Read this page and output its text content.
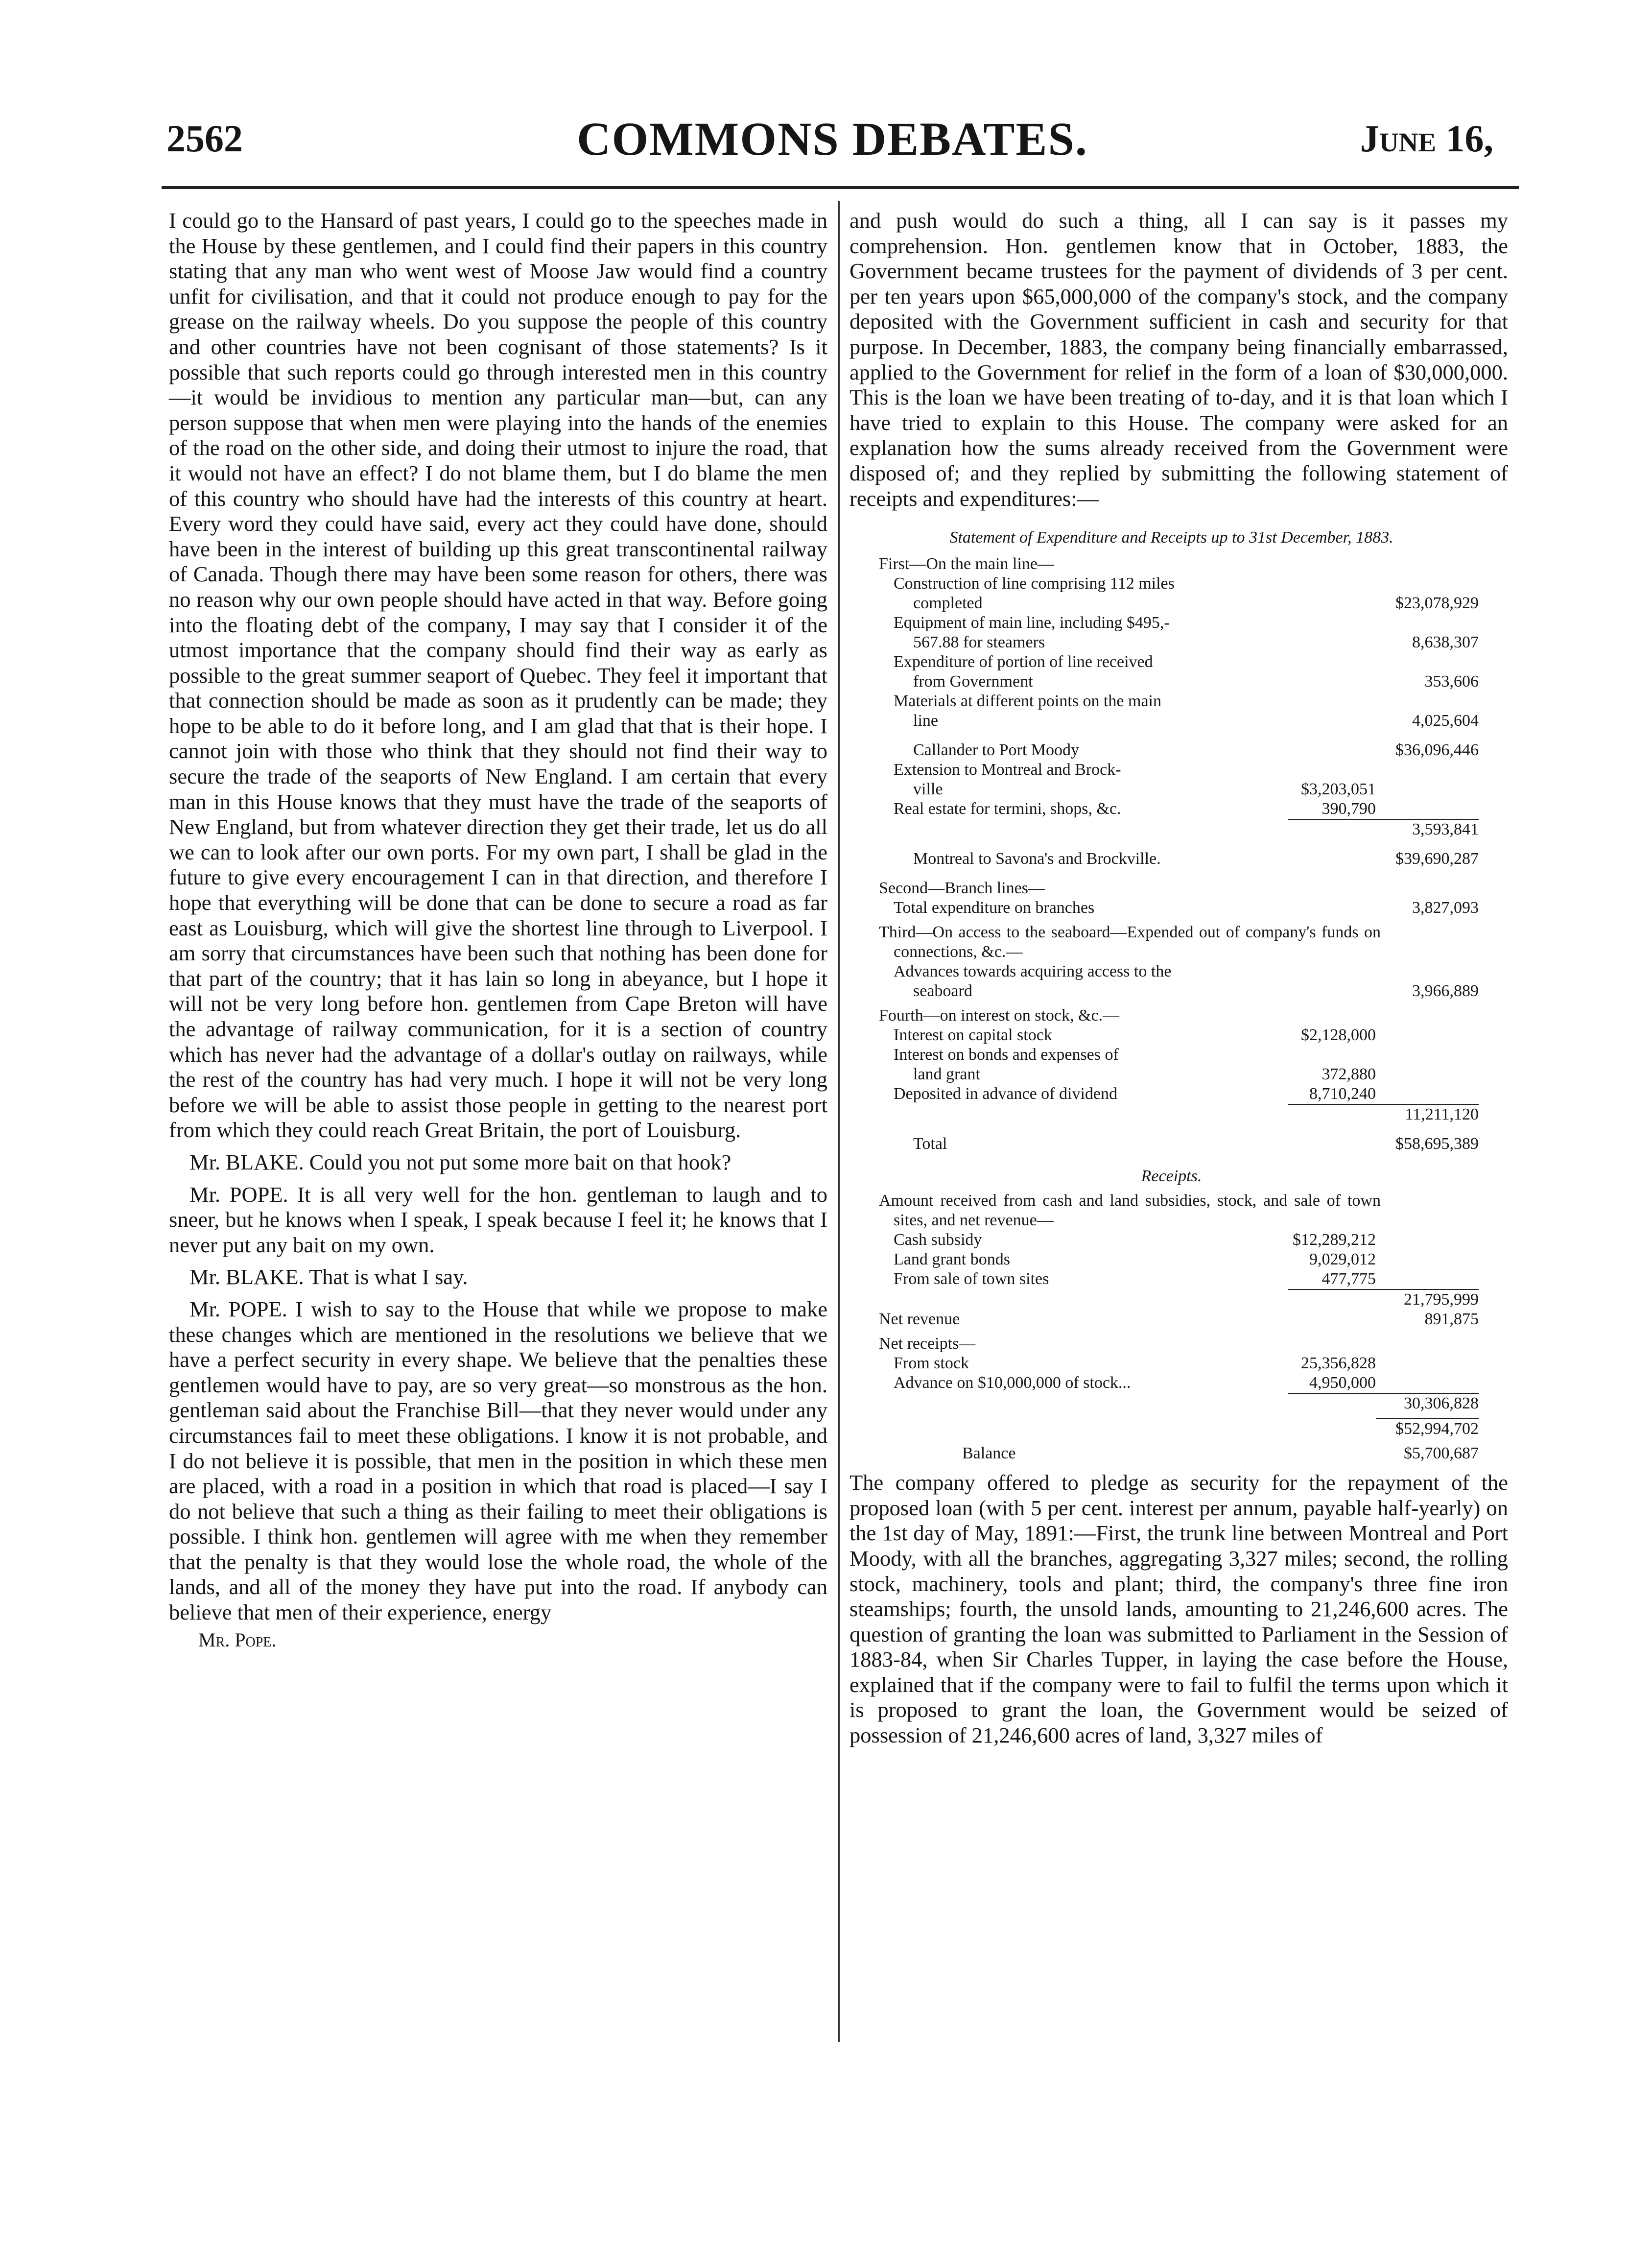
2562	COMMONS DEBATES.	June 16,

I could go to the Hansard of past years, I could go to the speeches made in the House by these gentlemen, and I could find their papers in this country stating that any man who went west of Moose Jaw would find a country unfit for civilisation, and that it could not produce enough to pay for the grease on the railway wheels. Do you suppose the people of this country and other countries have not been cognisant of those statements? Is it possible that such reports could go through interested men in this country—it would be invidious to mention any particular man—but, can any person suppose that when men were playing into the hands of the enemies of the road on the other side, and doing their utmost to injure the road, that it would not have an effect? I do not blame them, but I do blame the men of this country who should have had the interests of this country at heart. Every word they could have said, every act they could have done, should have been in the interest of building up this great transcontinental railway of Canada. Though there may have been some reason for others, there was no reason why our own people should have acted in that way. Before going into the floating debt of the company, I may say that I consider it of the utmost importance that the company should find their way as early as possible to the great summer seaport of Quebec. They feel it important that that connection should be made as soon as it prudently can be made; they hope to be able to do it before long, and I am glad that that is their hope. I cannot join with those who think that they should not find their way to secure the trade of the seaports of New England. I am certain that every man in this House knows that they must have the trade of the seaports of New England, but from whatever direction they get their trade, let us do all we can to look after our own ports. For my own part, I shall be glad in the future to give every encouragement I can in that direction, and therefore I hope that everything will be done that can be done to secure a road as far east as Louisburg, which will give the shortest line through to Liverpool. I am sorry that circumstances have been such that nothing has been done for that part of the country; that it has lain so long in abeyance, but I hope it will not be very long before hon. gentlemen from Cape Breton will have the advantage of railway communication, for it is a section of country which has never had the advantage of a dollar's outlay on railways, while the rest of the country has had very much. I hope it will not be very long before we will be able to assist those people in getting to the nearest port from which they could reach Great Britain, the port of Louisburg.

Mr. BLAKE. Could you not put some more bait on that hook?

Mr. POPE. It is all very well for the hon. gentleman to laugh and to sneer, but he knows when I speak, I speak because I feel it; he knows that I never put any bait on my own.

Mr. BLAKE. That is what I say.

Mr. POPE. I wish to say to the House that while we propose to make these changes which are mentioned in the resolutions we believe that we have a perfect security in every shape. We believe that the penalties these gentlemen would have to pay, are so very great—so monstrous as the hon. gentleman said about the Franchise Bill—that they never would under any circumstances fail to meet these obligations. I know it is not probable, and I do not believe it is possible, that men in the position in which these men are placed, with a road in a position in which that road is placed—I say I do not believe that such a thing as their failing to meet their obligations is possible. I think hon. gentlemen will agree with me when they remember that the penalty is that they would lose the whole road, the whole of the lands, and all of the money they have put into the road. If anybody can believe that men of their experience, energy

Mr. Pope.

and push would do such a thing, all I can say is it passes my comprehension. Hon. gentlemen know that in October, 1883, the Government became trustees for the payment of dividends of 3 per cent. per ten years upon $65,000,000 of the company's stock, and the company deposited with the Government sufficient in cash and security for that purpose. In December, 1883, the company being financially embarrassed, applied to the Government for relief in the form of a loan of $30,000,000. This is the loan we have been treating of to-day, and it is that loan which I have tried to explain to this House. The company were asked for an explanation how the sums already received from the Government were disposed of; and they replied by submitting the following statement of receipts and expenditures:—

Statement of Expenditure and Receipts up to 31st December, 1883.
First—On the main line—
Construction of line comprising 112 miles
completed	$23,078,929
Equipment of main line, including $495,-
567.88 for steamers	8,638,307
Expenditure of portion of line received
from Government	353,606
Materials at different points on the main
line	4,025,604
Callander to Port Moody	$36,096,446
Extension to Montreal and Brock-
ville	$3,203,051
Real estate for termini, shops, &c.	390,790
3,593,841
Montreal to Savona's and Brockville.	$39,690,287
Second—Branch lines—
Total expenditure on branches	3,827,093
Third—On access to the seaboard—Expended out of company's funds on connections, &c.—
Advances towards acquiring access to the
seaboard	3,966,889
Fourth—on interest on stock, &c.—
Interest on capital stock	$2,128,000
Interest on bonds and expenses of
land grant	372,880
Deposited in advance of dividend	8,710,240
11,211,120
Total	$58,695,389
Receipts.
Amount received from cash and land subsidies, stock, and sale of town sites, and net revenue—
Cash subsidy	$12,289,212
Land grant bonds	9,029,012
From sale of town sites	477,775
21,795,999
Net revenue	891,875
Net receipts—
From stock	25,356,828
Advance on $10,000,000 of stock...	4,950,000
30,306,828
$52,994,702
Balance	$5,700,687

The company offered to pledge as security for the repayment of the proposed loan (with 5 per cent. interest per annum, payable half-yearly) on the 1st day of May, 1891:—First, the trunk line between Montreal and Port Moody, with all the branches, aggregating 3,327 miles; second, the rolling stock, machinery, tools and plant; third, the company's three fine iron steamships; fourth, the unsold lands, amounting to 21,246,600 acres. The question of granting the loan was submitted to Parliament in the Session of 1883-84, when Sir Charles Tupper, in laying the case before the House, explained that if the company were to fail to fulfil the terms upon which it is proposed to grant the loan, the Government would be seized of possession of 21,246,600 acres of land, 3,327 miles of
